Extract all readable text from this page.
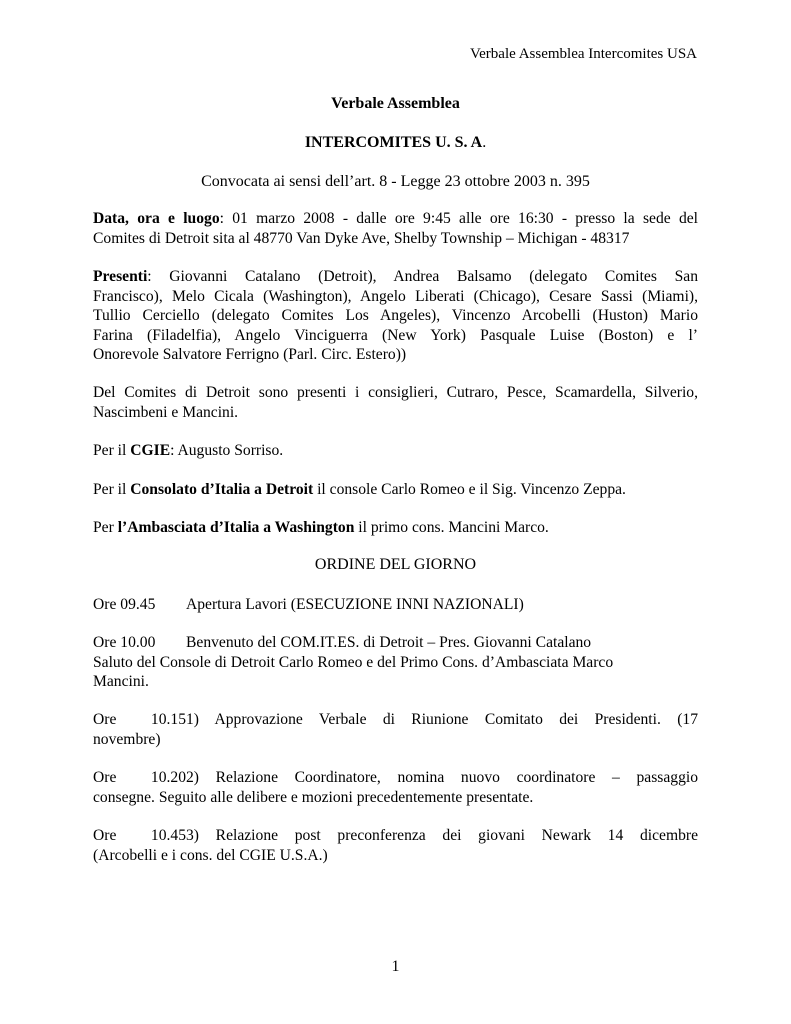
Verbale Assemblea Intercomites USA
Verbale Assemblea
INTERCOMITES U. S. A.
Convocata ai sensi dell’art. 8 - Legge 23 ottobre 2003 n. 395
Data, ora e luogo: 01 marzo 2008 - dalle ore 9:45 alle ore 16:30 - presso la sede del
Comites di Detroit sita al 48770 Van Dyke Ave, Shelby Township – Michigan - 48317
Presenti: Giovanni Catalano (Detroit), Andrea Balsamo (delegato Comites San
Francisco), Melo Cicala (Washington), Angelo Liberati (Chicago), Cesare Sassi (Miami),
Tullio Cerciello (delegato Comites Los Angeles), Vincenzo Arcobelli (Huston) Mario
Farina (Filadelfia), Angelo Vinciguerra (New York) Pasquale Luise (Boston) e l’
Onorevole Salvatore Ferrigno (Parl. Circ. Estero))
Del Comites di Detroit sono presenti i consiglieri, Cutraro, Pesce, Scamardella, Silverio,
Nascimbeni e Mancini.
Per il CGIE: Augusto Sorriso.
Per il Consolato d’Italia a Detroit il console Carlo Romeo e il Sig. Vincenzo Zeppa.
Per l’Ambasciata d’Italia a Washington il primo cons. Mancini Marco.
ORDINE DEL GIORNO
Ore 09.45 Apertura Lavori (ESECUZIONE INNI NAZIONALI)
Ore 10.00 Benvenuto del COM.IT.ES. di Detroit – Pres. Giovanni Catalano
Saluto del Console di Detroit Carlo Romeo e del Primo Cons. d’Ambasciata Marco
Mancini.
Ore 10.151) Approvazione Verbale di Riunione Comitato dei Presidenti. (17
novembre)
Ore 10.202) Relazione Coordinatore, nomina nuovo coordinatore – passaggio
consegne. Seguito alle delibere e mozioni precedentemente presentate.
Ore 10.453) Relazione post preconferenza dei giovani Newark 14 dicembre
(Arcobelli e i cons. del CGIE U.S.A.)
1
